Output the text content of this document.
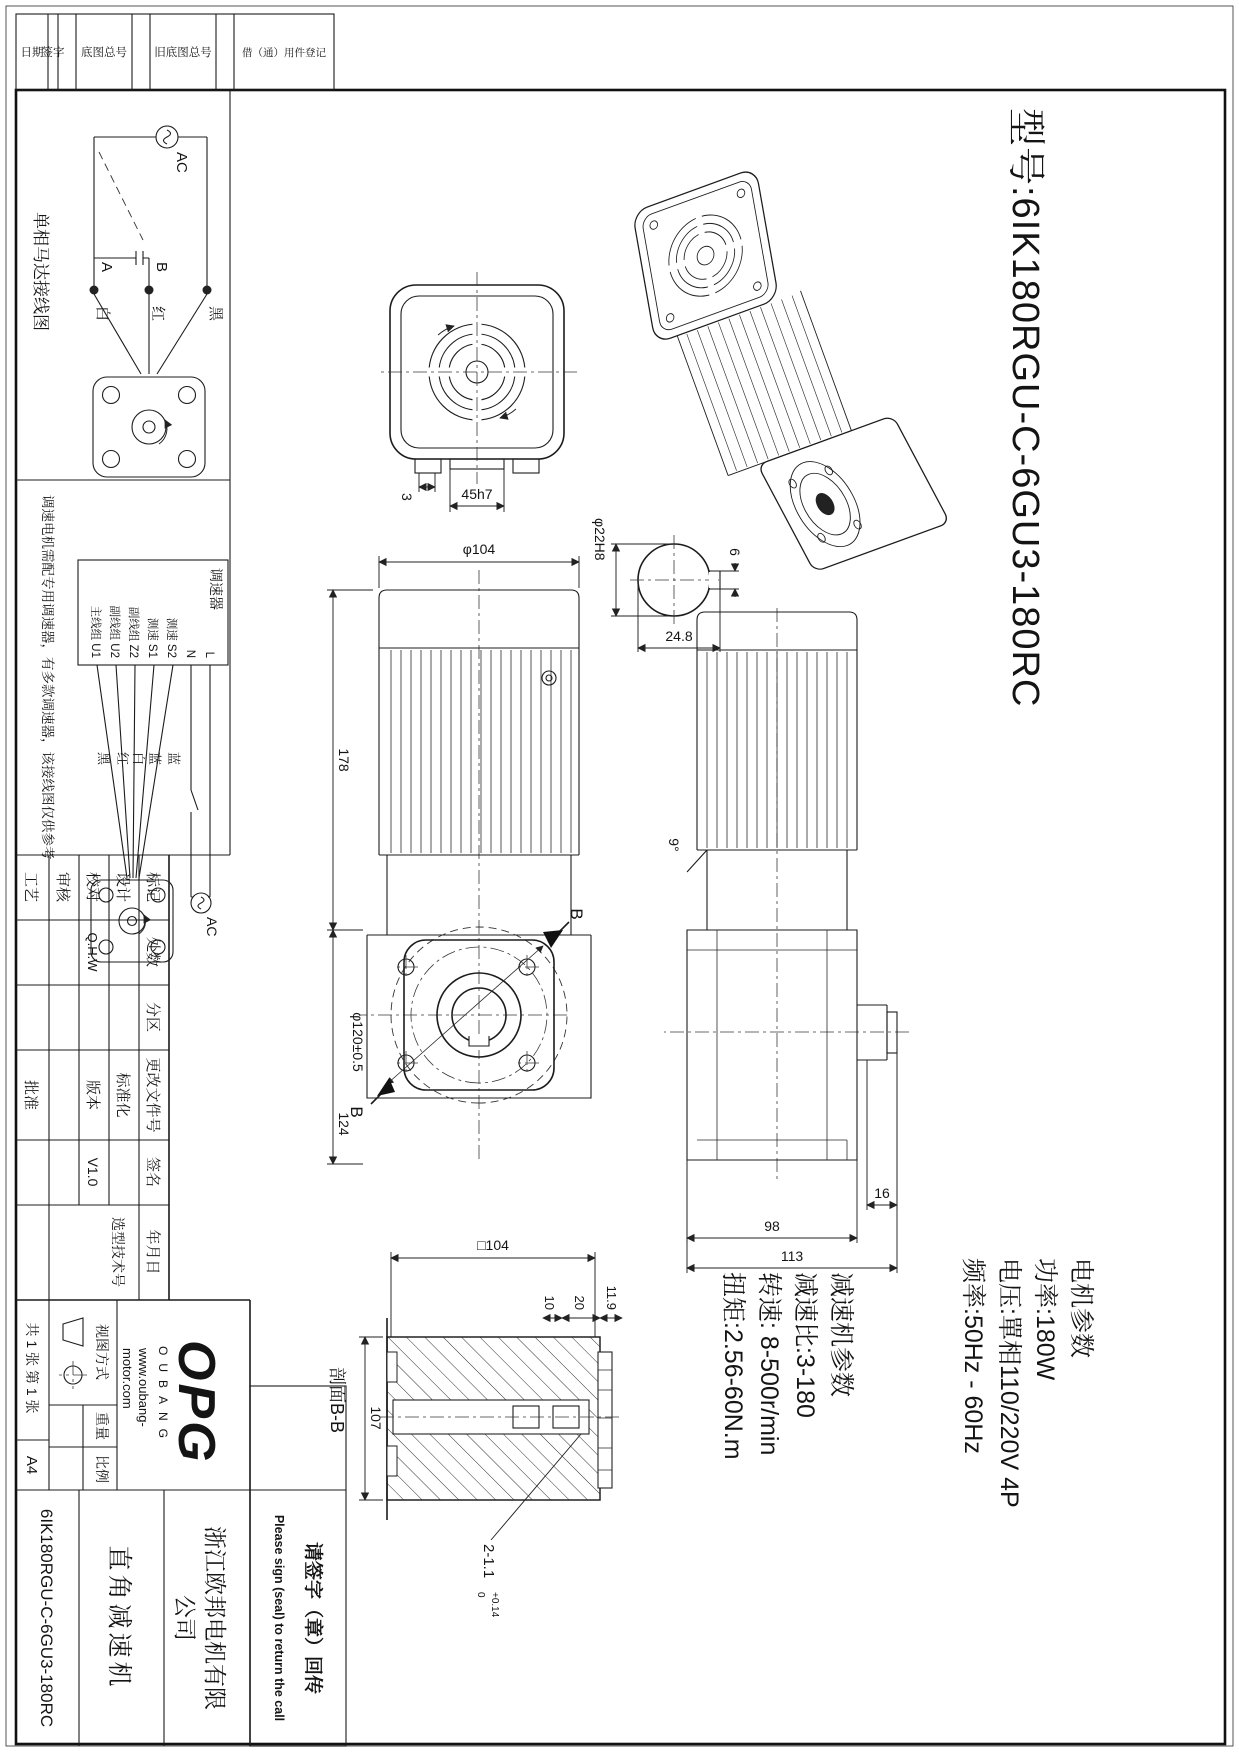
借（通）用件登记
旧底图总号
底图总号
签字
日期
型号:6IK180RGU-C-6GU3-180RC
电机参数
功率:180W
电压:單相110/220V 4P
频率:50Hz - 60Hz
减速机参数
减速比:3-180
转速: 8-500r/min
扭矩:2.56-60N.m
φ22H8
24.8
6
45h7
3
9°
16
98
113
φ120±0.5
B
B
φ104
178
124
□104
107
11.9
20
10
2-1.1
+0.14
0
剖面B-B
AC
黑
红
白
B
A
单相马达接线图
调速器
L
N
测速 S2
测速 S1
副线组 Z2
副线组 U2
主线组 U1
AC
蓝
蓝
白
红
黑
调速电机需配专用调速器，有多款调速器，该接线图仅供参考
请签字（章）回传
Please sign (seal) to return the call
标记
处数
分区
更改文件号
签名
年月日
设计
标准化
校对
Q.H.W
版本
V1.0
审核
工艺
批准
选型技术号
OPG
OUBANG
www.oubang-
motor.com
视图方式
重量
比例
共 1 张 第 1 张
A4
浙江欧邦电机有限
公司
直角减速机
6IK180RGU-C-6GU3-180RC
